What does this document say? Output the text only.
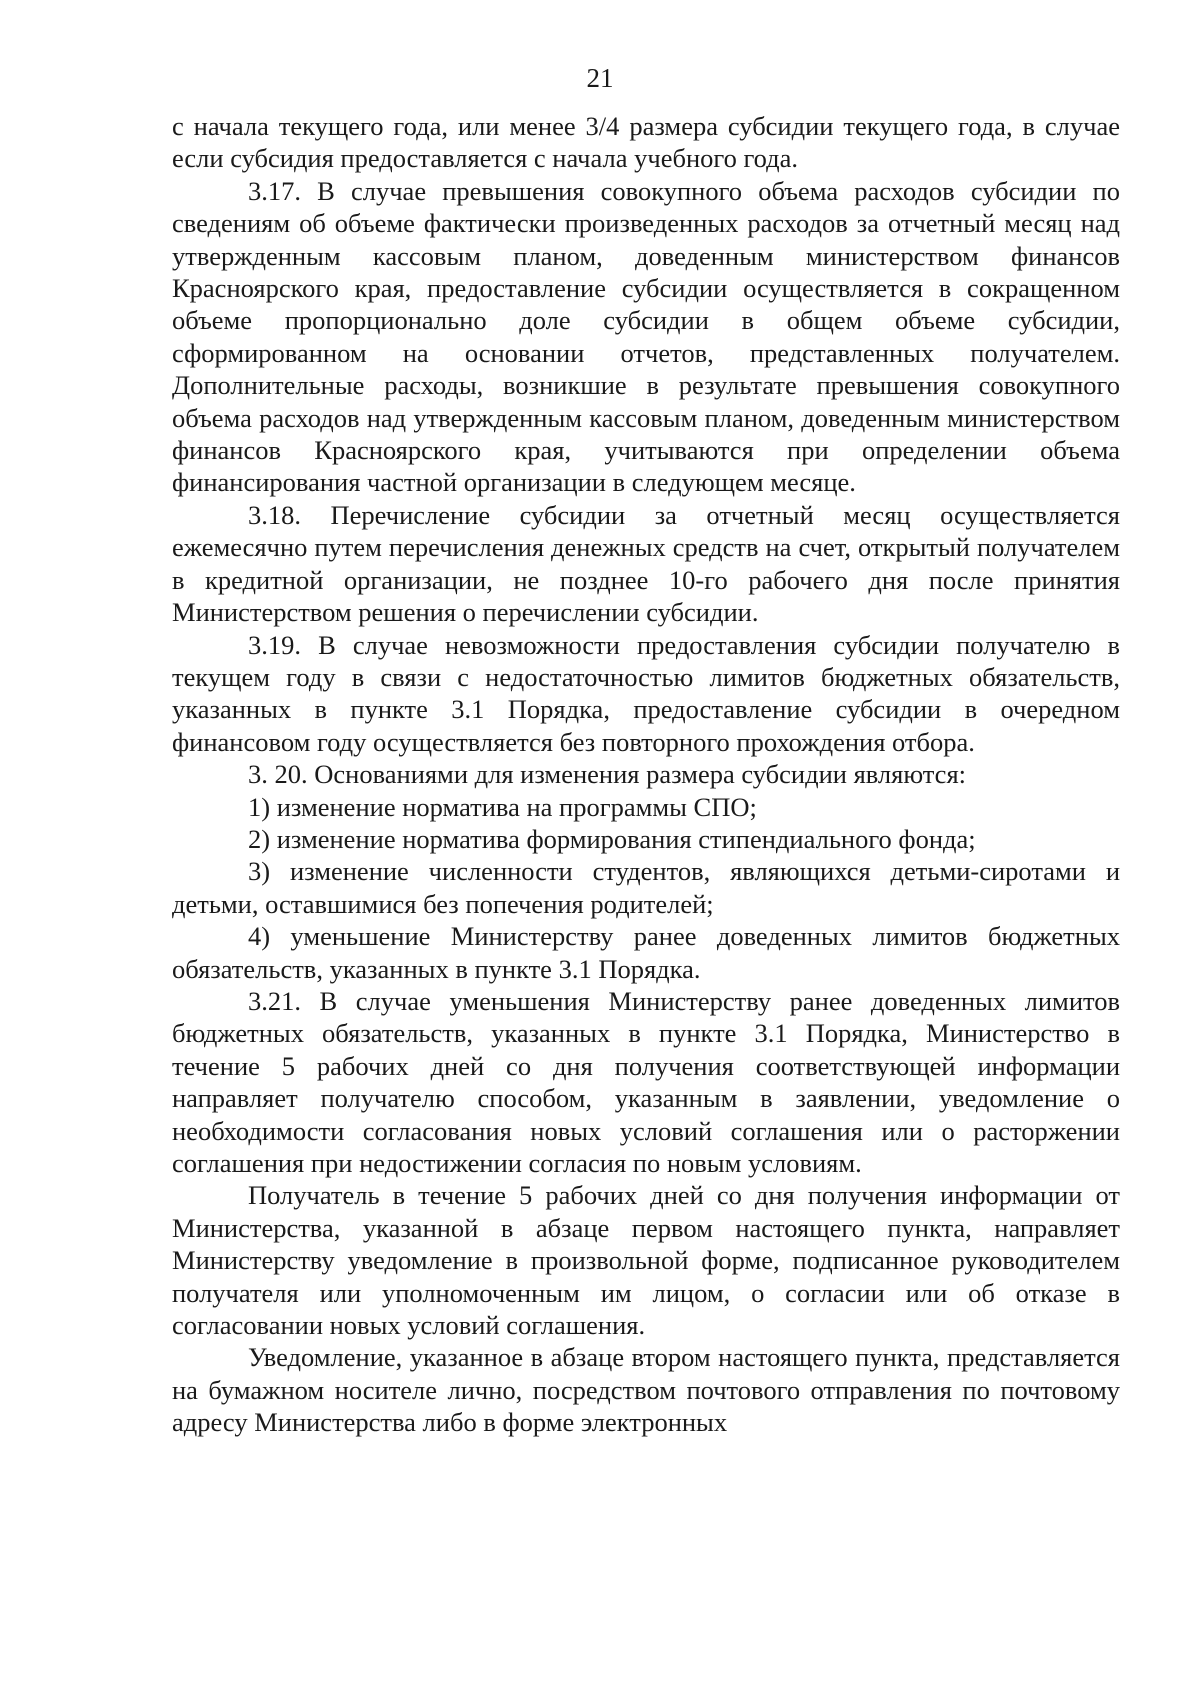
21

с начала текущего года, или менее 3/4 размера субсидии текущего года, в случае если субсидия предоставляется с начала учебного года.

3.17. В случае превышения совокупного объема расходов субсидии по сведениям об объеме фактически произведенных расходов за отчетный месяц над утвержденным кассовым планом, доведенным министерством финансов Красноярского края, предоставление субсидии осуществляется в сокращенном объеме пропорционально доле субсидии в общем объеме субсидии, сформированном на основании отчетов, представленных получателем. Дополнительные расходы, возникшие в результате превышения совокупного объема расходов над утвержденным кассовым планом, доведенным министерством финансов Красноярского края, учитываются при определении объема финансирования частной организации в следующем месяце.

3.18. Перечисление субсидии за отчетный месяц осуществляется ежемесячно путем перечисления денежных средств на счет, открытый получателем в кредитной организации, не позднее 10-го рабочего дня после принятия Министерством решения о перечислении субсидии.

3.19. В случае невозможности предоставления субсидии получателю в текущем году в связи с недостаточностью лимитов бюджетных обязательств, указанных в пункте 3.1 Порядка, предоставление субсидии в очередном финансовом году осуществляется без повторного прохождения отбора.

3. 20. Основаниями для изменения размера субсидии являются:

1) изменение норматива на программы СПО;

2) изменение норматива формирования стипендиального фонда;

3) изменение численности студентов, являющихся детьми-сиротами и детьми, оставшимися без попечения родителей;

4) уменьшение Министерству ранее доведенных лимитов бюджетных обязательств, указанных в пункте 3.1 Порядка.

3.21. В случае уменьшения Министерству ранее доведенных лимитов бюджетных обязательств, указанных в пункте 3.1 Порядка, Министерство в течение 5 рабочих дней со дня получения соответствующей информации направляет получателю способом, указанным в заявлении, уведомление о необходимости согласования новых условий соглашения или о расторжении соглашения при недостижении согласия по новым условиям.

Получатель в течение 5 рабочих дней со дня получения информации от Министерства, указанной в абзаце первом настоящего пункта, направляет Министерству уведомление в произвольной форме, подписанное руководителем получателя или уполномоченным им лицом, о согласии или об отказе в согласовании новых условий соглашения.

Уведомление, указанное в абзаце втором настоящего пункта, представляется на бумажном носителе лично, посредством почтового отправления по почтовому адресу Министерства либо в форме электронных
